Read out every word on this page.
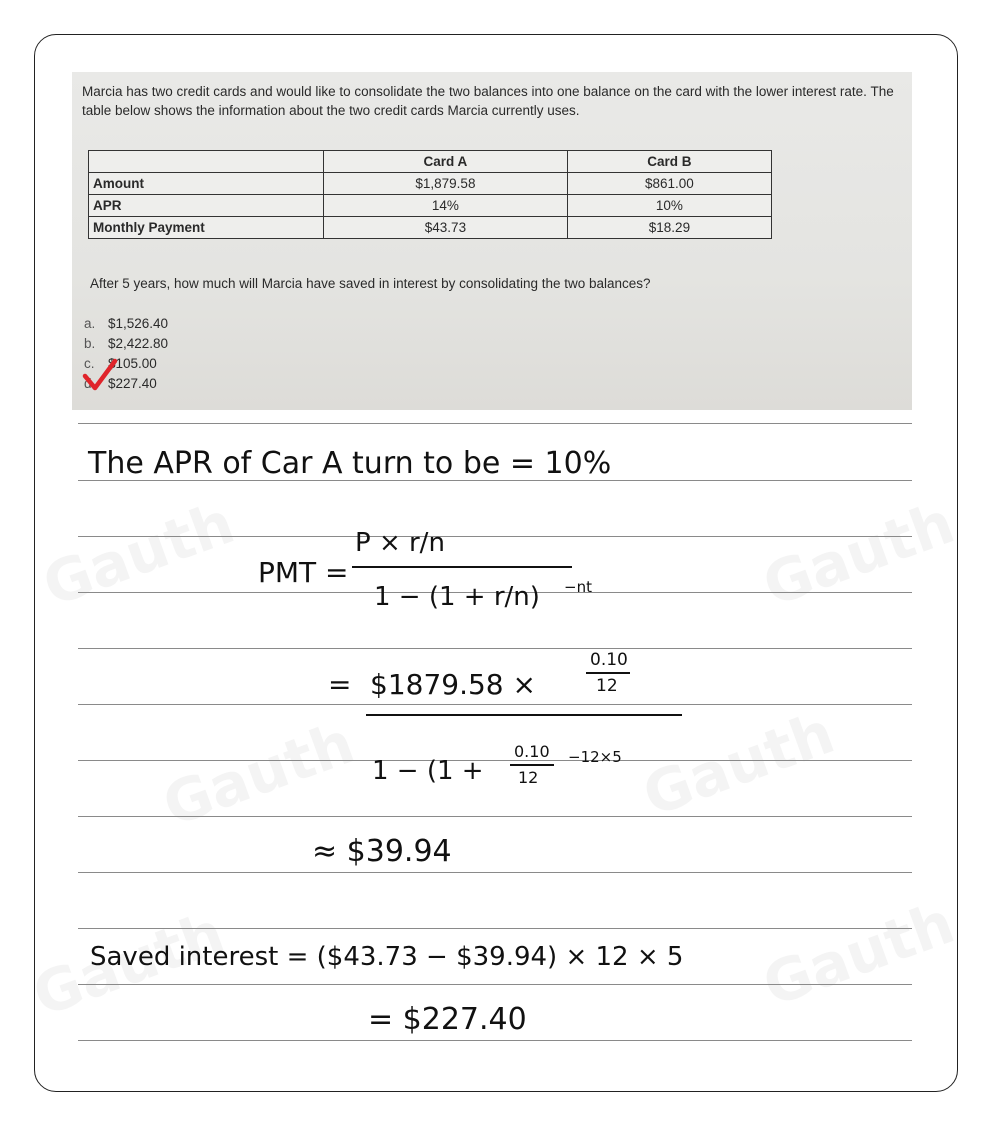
Marcia has two credit cards and would like to consolidate the two balances into one balance on the card with the lower interest rate. The table below shows the information about the two credit cards Marcia currently uses.

	Card A	Card B
Amount	$1,879.58	$861.00
APR	14%	10%
Monthly Payment	$43.73	$18.29

After 5 years, how much will Marcia have saved in interest by consolidating the two balances?

a. $1,526.40
b. $2,422.80
c. $105.00
d. $227.40
The APR of Car A turn to be = 10%
PMT =
P × r/n
1 − (1 + r/n) −nt
= $1879.58 ×
0.10
12
1 − (1 +
0.10
12
−12×5
≈ $39.94
Saved interest = ($43.73 − $39.94) × 12 × 5
= $227.40
